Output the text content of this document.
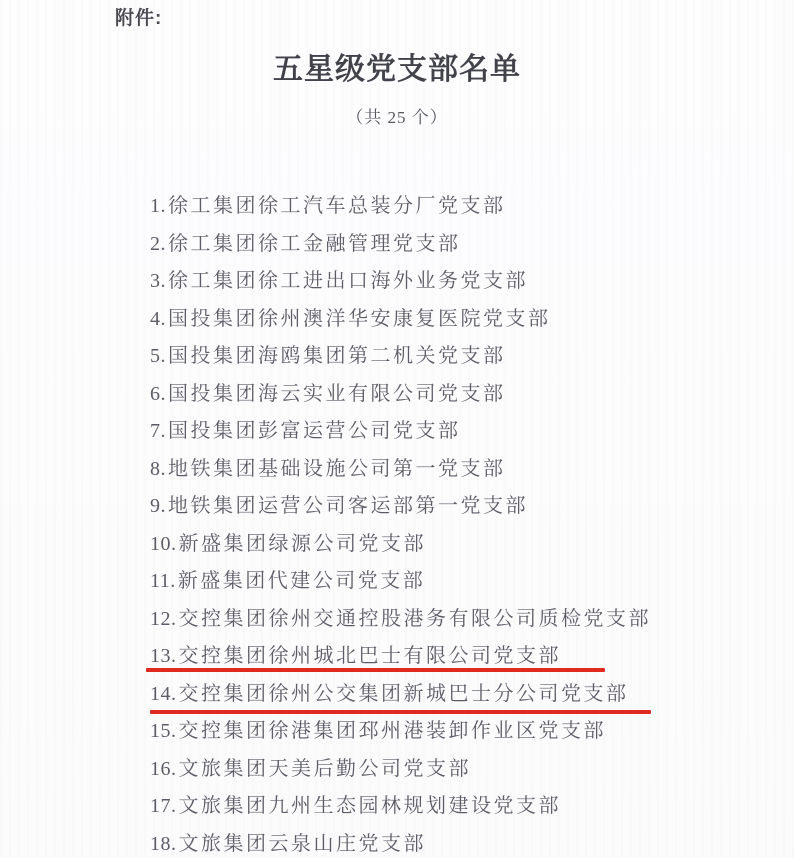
附件:
五星级党支部名单
（共 25 个）
1. 徐工集团徐工汽车总装分厂党支部
2. 徐工集团徐工金融管理党支部
3. 徐工集团徐工进出口海外业务党支部
4. 国投集团徐州澳洋华安康复医院党支部
5. 国投集团海鸥集团第二机关党支部
6. 国投集团海云实业有限公司党支部
7. 国投集团彭富运营公司党支部
8. 地铁集团基础设施公司第一党支部
9. 地铁集团运营公司客运部第一党支部
10. 新盛集团绿源公司党支部
11. 新盛集团代建公司党支部
12. 交控集团徐州交通控股港务有限公司质检党支部
13. 交控集团徐州城北巴士有限公司党支部
14. 交控集团徐州公交集团新城巴士分公司党支部
15. 交控集团徐港集团邳州港装卸作业区党支部
16. 文旅集团天美后勤公司党支部
17. 文旅集团九州生态园林规划建设党支部
18. 文旅集团云泉山庄党支部
